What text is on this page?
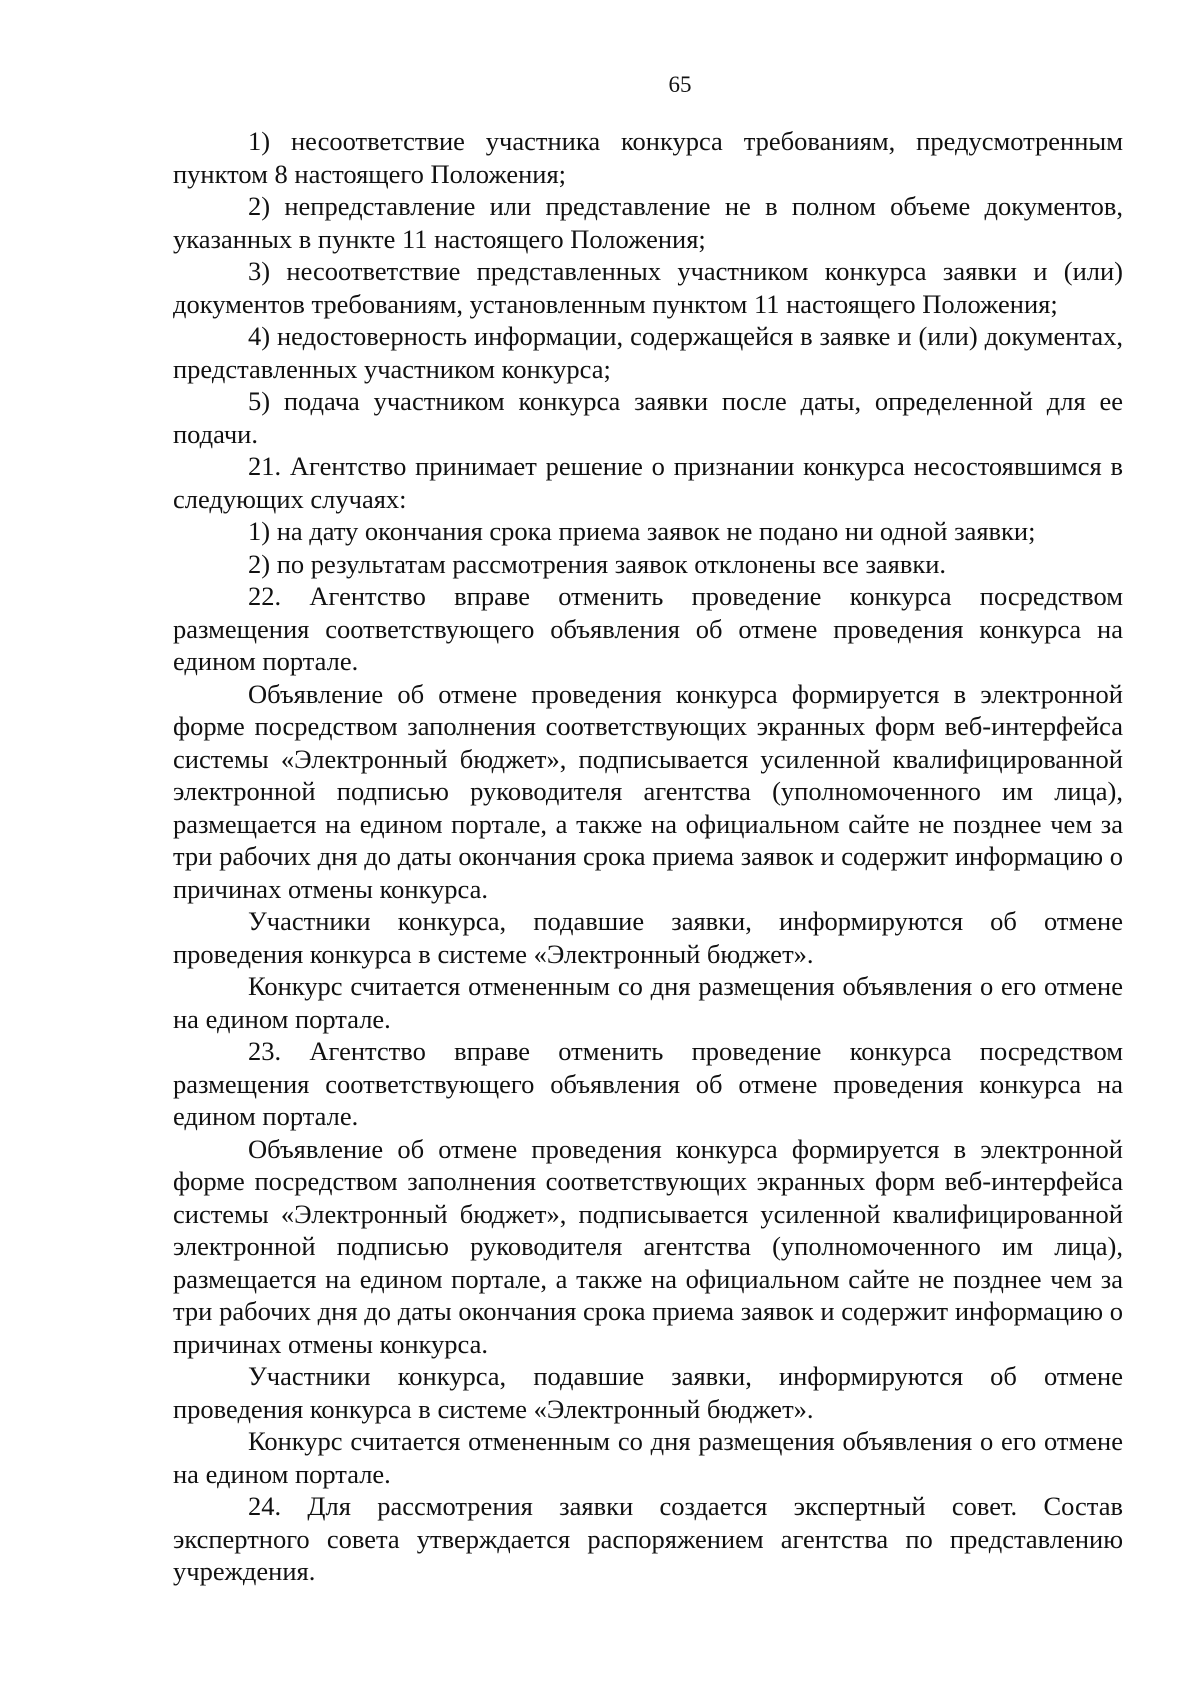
65

1) несоответствие участника конкурса требованиям, предусмотренным пунктом 8 настоящего Положения;

2) непредставление или представление не в полном объеме документов, указанных в пункте 11 настоящего Положения;

3) несоответствие представленных участником конкурса заявки и (или) документов требованиям, установленным пунктом 11 настоящего Положения;

4) недостоверность информации, содержащейся в заявке и (или) документах, представленных участником конкурса;

5) подача участником конкурса заявки после даты, определенной для ее подачи.

21. Агентство принимает решение о признании конкурса несостоявшимся в следующих случаях:

1) на дату окончания срока приема заявок не подано ни одной заявки;

2) по результатам рассмотрения заявок отклонены все заявки.

22. Агентство вправе отменить проведение конкурса посредством размещения соответствующего объявления об отмене проведения конкурса на едином портале.

Объявление об отмене проведения конкурса формируется в электронной форме посредством заполнения соответствующих экранных форм веб-интерфейса системы «Электронный бюджет», подписывается усиленной квалифицированной электронной подписью руководителя агентства (уполномоченного им лица), размещается на едином портале, а также на официальном сайте не позднее чем за три рабочих дня до даты окончания срока приема заявок и содержит информацию о причинах отмены конкурса.

Участники конкурса, подавшие заявки, информируются об отмене проведения конкурса в системе «Электронный бюджет».

Конкурс считается отмененным со дня размещения объявления о его отмене на едином портале.

23. Агентство вправе отменить проведение конкурса посредством размещения соответствующего объявления об отмене проведения конкурса на едином портале.

Объявление об отмене проведения конкурса формируется в электронной форме посредством заполнения соответствующих экранных форм веб-интерфейса системы «Электронный бюджет», подписывается усиленной квалифицированной электронной подписью руководителя агентства (уполномоченного им лица), размещается на едином портале, а также на официальном сайте не позднее чем за три рабочих дня до даты окончания срока приема заявок и содержит информацию о причинах отмены конкурса.

Участники конкурса, подавшие заявки, информируются об отмене проведения конкурса в системе «Электронный бюджет».

Конкурс считается отмененным со дня размещения объявления о его отмене на едином портале.

24. Для рассмотрения заявки создается экспертный совет. Состав экспертного совета утверждается распоряжением агентства по представлению учреждения.
